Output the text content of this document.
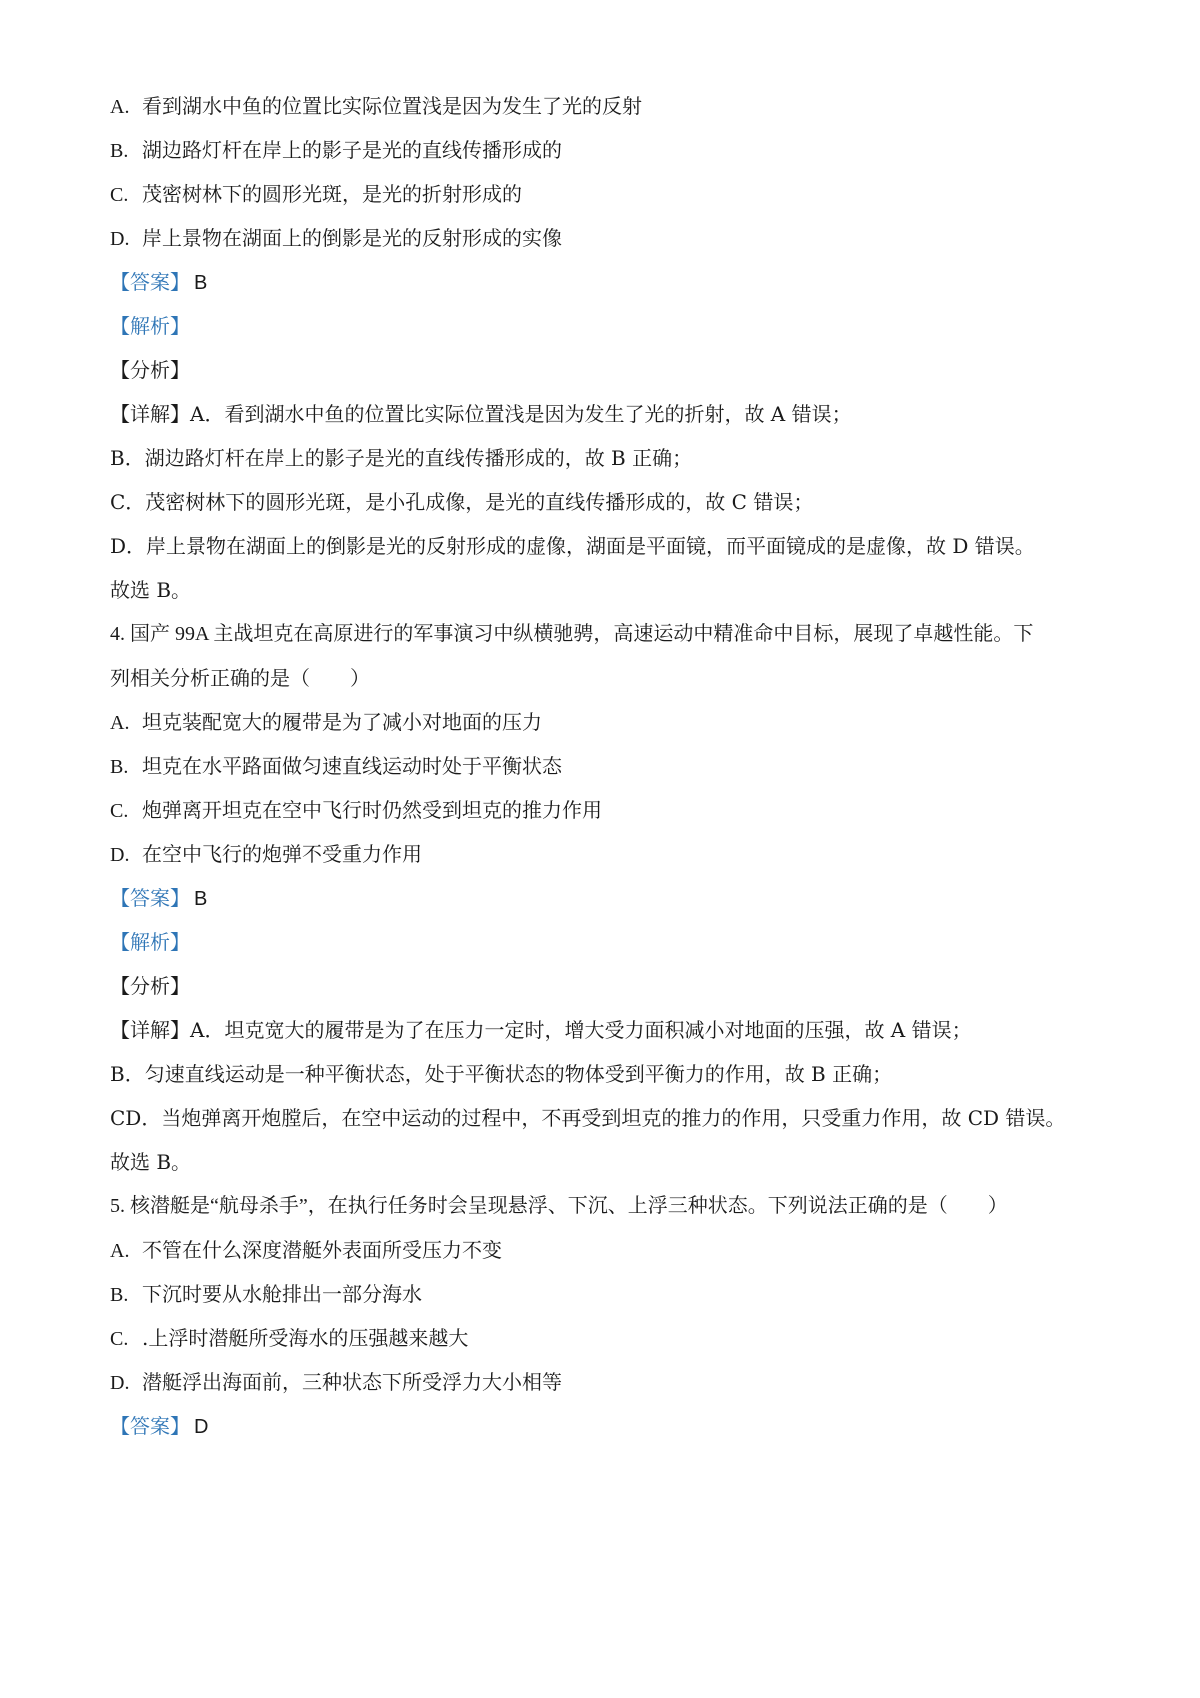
A. 看到湖水中鱼的位置比实际位置浅是因为发生了光的反射
B. 湖边路灯杆在岸上的影子是光的直线传播形成的
C. 茂密树林下的圆形光斑，是光的折射形成的
D. 岸上景物在湖面上的倒影是光的反射形成的实像
【答案】 B
【解析】
【分析】
【详解】A．看到湖水中鱼的位置比实际位置浅是因为发生了光的折射，故 A 错误；
B．湖边路灯杆在岸上的影子是光的直线传播形成的，故 B 正确；
C．茂密树林下的圆形光斑，是小孔成像，是光的直线传播形成的，故 C 错误；
D．岸上景物在湖面上的倒影是光的反射形成的虚像，湖面是平面镜，而平面镜成的是虚像，故 D 错误。
故选 B。
4. 国产 99A 主战坦克在高原进行的军事演习中纵横驰骋，高速运动中精准命中目标，展现了卓越性能。下
列相关分析正确的是（　　）
A. 坦克装配宽大的履带是为了减小对地面的压力
B. 坦克在水平路面做匀速直线运动时处于平衡状态
C. 炮弹离开坦克在空中飞行时仍然受到坦克的推力作用
D. 在空中飞行的炮弹不受重力作用
【答案】 B
【解析】
【分析】
【详解】A．坦克宽大的履带是为了在压力一定时，增大受力面积减小对地面的压强，故 A 错误；
B．匀速直线运动是一种平衡状态，处于平衡状态的物体受到平衡力的作用，故 B 正确；
CD．当炮弹离开炮膛后，在空中运动的过程中，不再受到坦克的推力的作用，只受重力作用，故 CD 错误。
故选 B。
5. 核潜艇是“航母杀手”，在执行任务时会呈现悬浮、下沉、上浮三种状态。下列说法正确的是（　　）
A. 不管在什么深度潜艇外表面所受压力不变
B. 下沉时要从水舱排出一部分海水
C. .上浮时潜艇所受海水的压强越来越大
D. 潜艇浮出海面前，三种状态下所受浮力大小相等
【答案】 D
